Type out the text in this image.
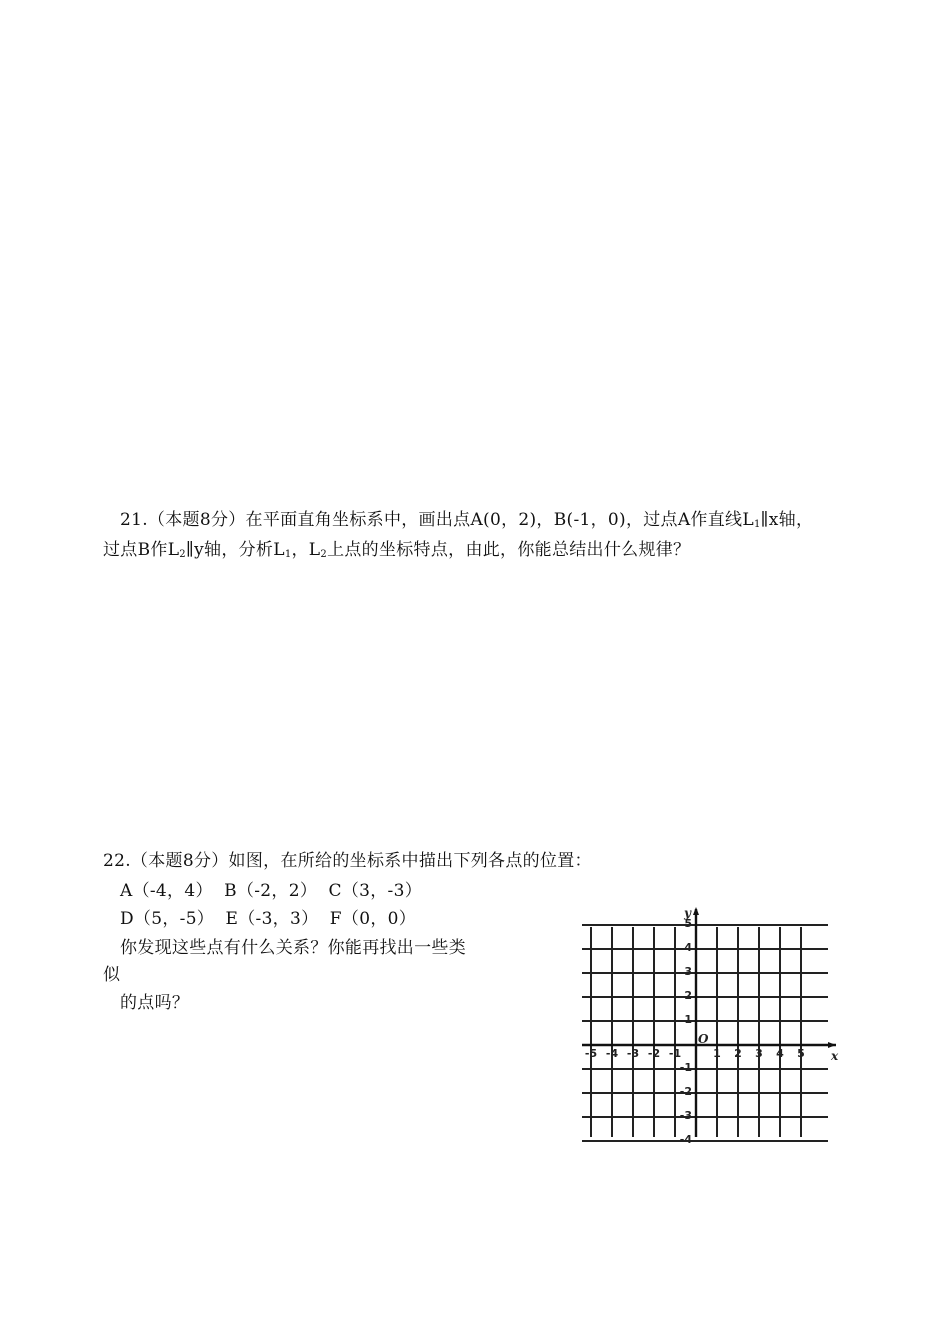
21.（本题8分）在平面直角坐标系中，画出点A(0，2)，B(-1，0)，过点A作直线$L_1\parallel x$轴，
过点B作$L_2\parallel y$轴，分析$L_1$，$L_2$上点的坐标特点，由此，你能总结出什么规律？
22.（本题8分）如图，在所给的坐标系中描出下列各点的位置：
A（-4，4）  B（-2，2）  C（3，-3）
D（5，-5）  E（-3，3）  F（0，0）
你发现这些点有什么关系？你能再找出一些类
似
的点吗？
-5 -4 -3 -2 -1	1 2 3 4 5
5
4
3
2
1
-1
-2
-3
-4
x
y
O
